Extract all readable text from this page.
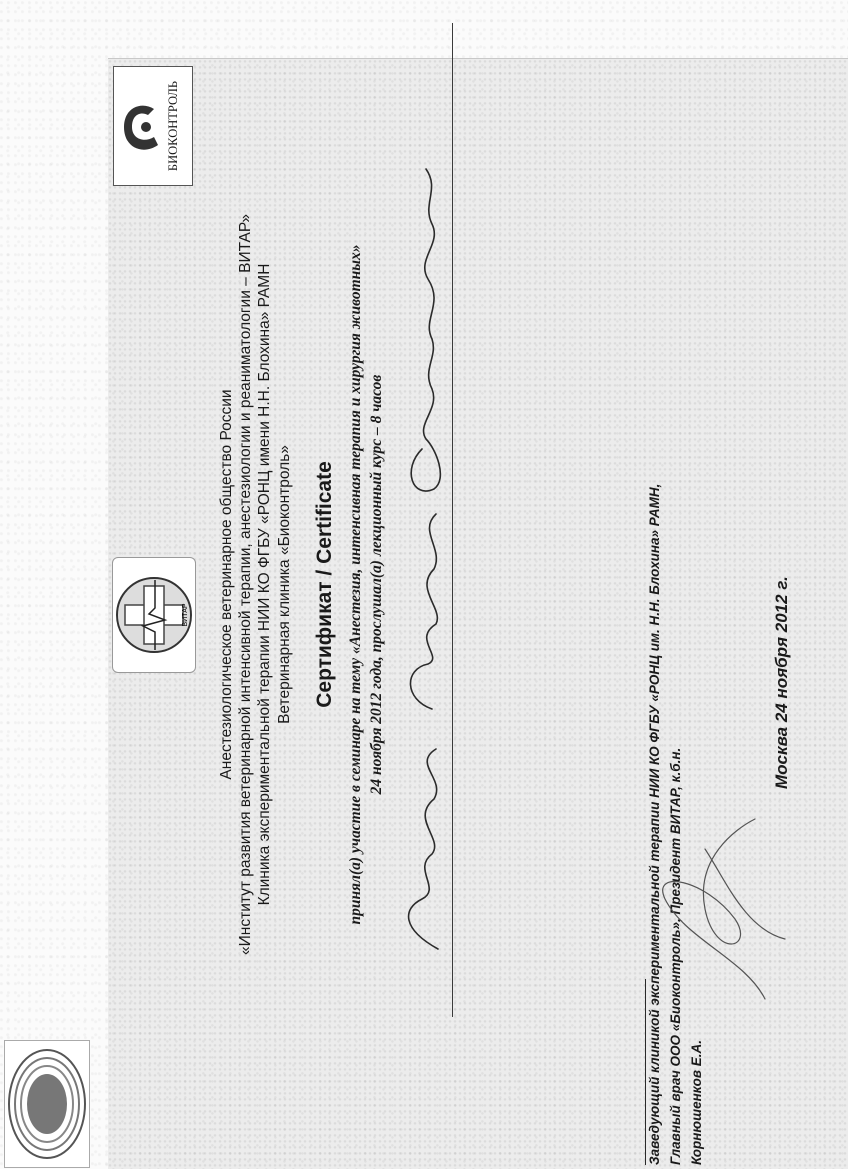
ВИТАР
БИОКОНТРОЛЬ
Анестезиологическое ветеринарное общество России «Институт развития ветеринарной интенсивной терапии, анестезиологии и реаниматологии – ВИТАР» Клиника экспериментальной терапии НИИ КО ФГБУ «РОНЦ имени Н.Н. Блохина» РАМН Ветеринарная клиника «Биоконтроль» Сертификат / Certificate принял(а) участие в семинаре на тему «Анестезия, интенсивная терапия и хирургия животных» 24 ноября 2012 года, прослушал(а) лекционный курс – 8 часов	Заведующий клиникой экспериментальной терапии НИИ КО ФГБУ «РОНЦ им. Н.Н. Блохина» РАМН, Главный врач ООО «Биоконтроль», Президент ВИТАР, к.б.н. Корнюшенков Е.А.
Москва 24 ноября 2012 г.
